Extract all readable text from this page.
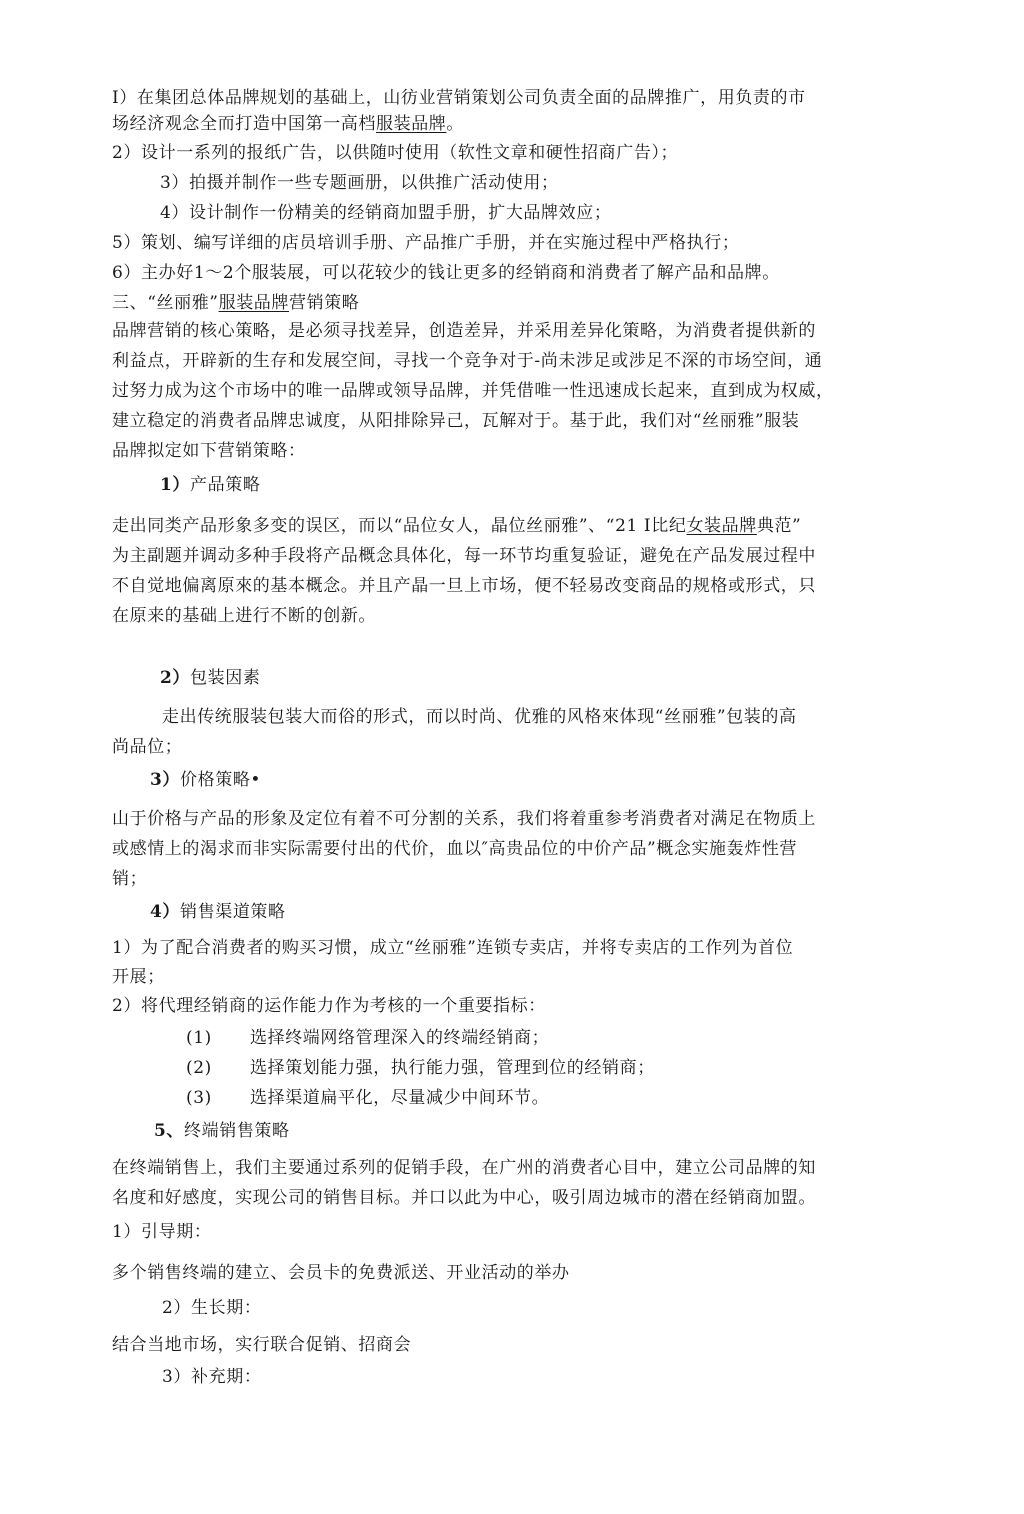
I）在集团总体品牌规划的基础上，山彷业营销策划公司负责全面的品牌推广，用负责的市
场经济观念全而打造中国第一高档服装品牌。
2）设计一系列的报纸广告，以供随吋使用（软性文章和硬性招商广告）；
3）拍摄并制作一些专题画册，以供推广活动使用；
4）设计制作一份精美的经销商加盟手册，扩大品牌效应；
5）策划、编写详细的店员培训手册、产品推广手册，并在实施过程中严格执行；
6）主办好1～2个服装展，可以花较少的钱让更多的经销商和消费者了解产品和品牌。
三、“丝丽雅”服装品牌营销策略
品牌营销的核心策略，是必须寻找差异，创造差异，并采用差异化策略，为消费者提供新的
利益点，开辟新的生存和发展空间，寻找一个竞争对于-尚未涉足或涉足不深的市场空间，通
过努力成为这个市场中的唯一品牌或领导品牌，并凭借唯一性迅速成长起来，直到成为权威，
建立稳定的消费者品牌忠诚度，从阳排除异己，瓦解对于。基于此，我们对“丝丽雅”服装
品牌拟定如下营销策略：
1）产品策略
走出同类产品形象多变的误区，而以“品位女人，晶位丝丽雅”、“21 I比纪女装品牌典范”
为主副题并调动多种手段将产品概念具体化，每一环节均重复验证，避免在产品发展过程中
不自觉地偏离原來的基本概念。并且产晶一旦上市场，便不轻易改变商品的规格或形式，只
在原来的基础上进行不断的创新。
2）包装因素
走出传统服装包装大而俗的形式，而以时尚、优雅的风格來体现“丝丽雅”包装的高
尚品位；
3）价格策略•
山于价格与产品的形象及定位有着不可分割的关系，我们将着重参考消费者对满足在物质上
或感情上的渴求而非实际需要付出的代价，血以″高贵品位的中价产品”概念实施轰炸性营
销；
4）销售渠道策略
1）为了配合消费者的购买习惯，成立“丝丽雅”连锁专卖店，并将专卖店的工作列为首位
开展；
2）将代理经销商的运作能力作为考核的一个重要指标：
(1) 选择终端网络管理深入的终端经销商；
(2) 选择策划能力强，执行能力强，管理到位的经销商；
(3) 选择渠道扁平化，尽量减少中间环节。
5、终端销售策略
在终端销售上，我们主要通过系列的促销手段，在广州的消费者心目中，建立公司品牌的知
名度和好感度，实现公司的销售目标。并口以此为中心，吸引周边城市的潜在经销商加盟。
1）引导期：
多个销售终端的建立、会员卡的免费派送、开业活动的举办
2）生长期：
结合当地市场，实行联合促销、招商会
3）补充期：
